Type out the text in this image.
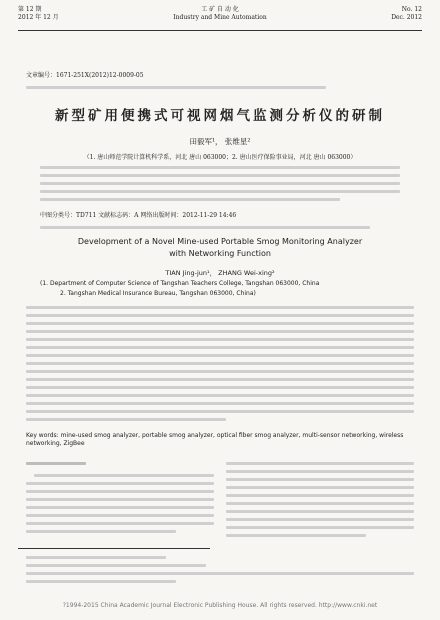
第 12 期
2012 年 12 月
工 矿 自 动 化
Industry and Mine Automation
No. 12
Dec. 2012
文章编号：1671-251X(2012)12-0009-05
新型矿用便携式可视网烟气监测分析仪的研制
田毅军¹， 张维星²
（1. 唐山师范学院计算机科学系，河北 唐山 063000；2. 唐山医疗保险事业局，河北 唐山 063000）
中图分类号：TD711 文献标志码：A 网络出版时间：2012-11-29 14:46
Development of a Novel Mine-used Portable Smog Monitoring Analyzer
with Networking Function
TIAN Jing-jun¹， ZHANG Wei-xing²
(1. Department of Computer Science of Tangshan Teachers College, Tangshan 063000, China
2. Tangshan Medical Insurance Bureau, Tangshan 063000, China)
Key words: mine-used smog analyzer, portable smog analyzer, optical fiber smog analyzer, multi-sensor networking, wireless networking, ZigBee
?1994-2015 China Academic Journal Electronic Publishing House. All rights reserved. http://www.cnki.net
